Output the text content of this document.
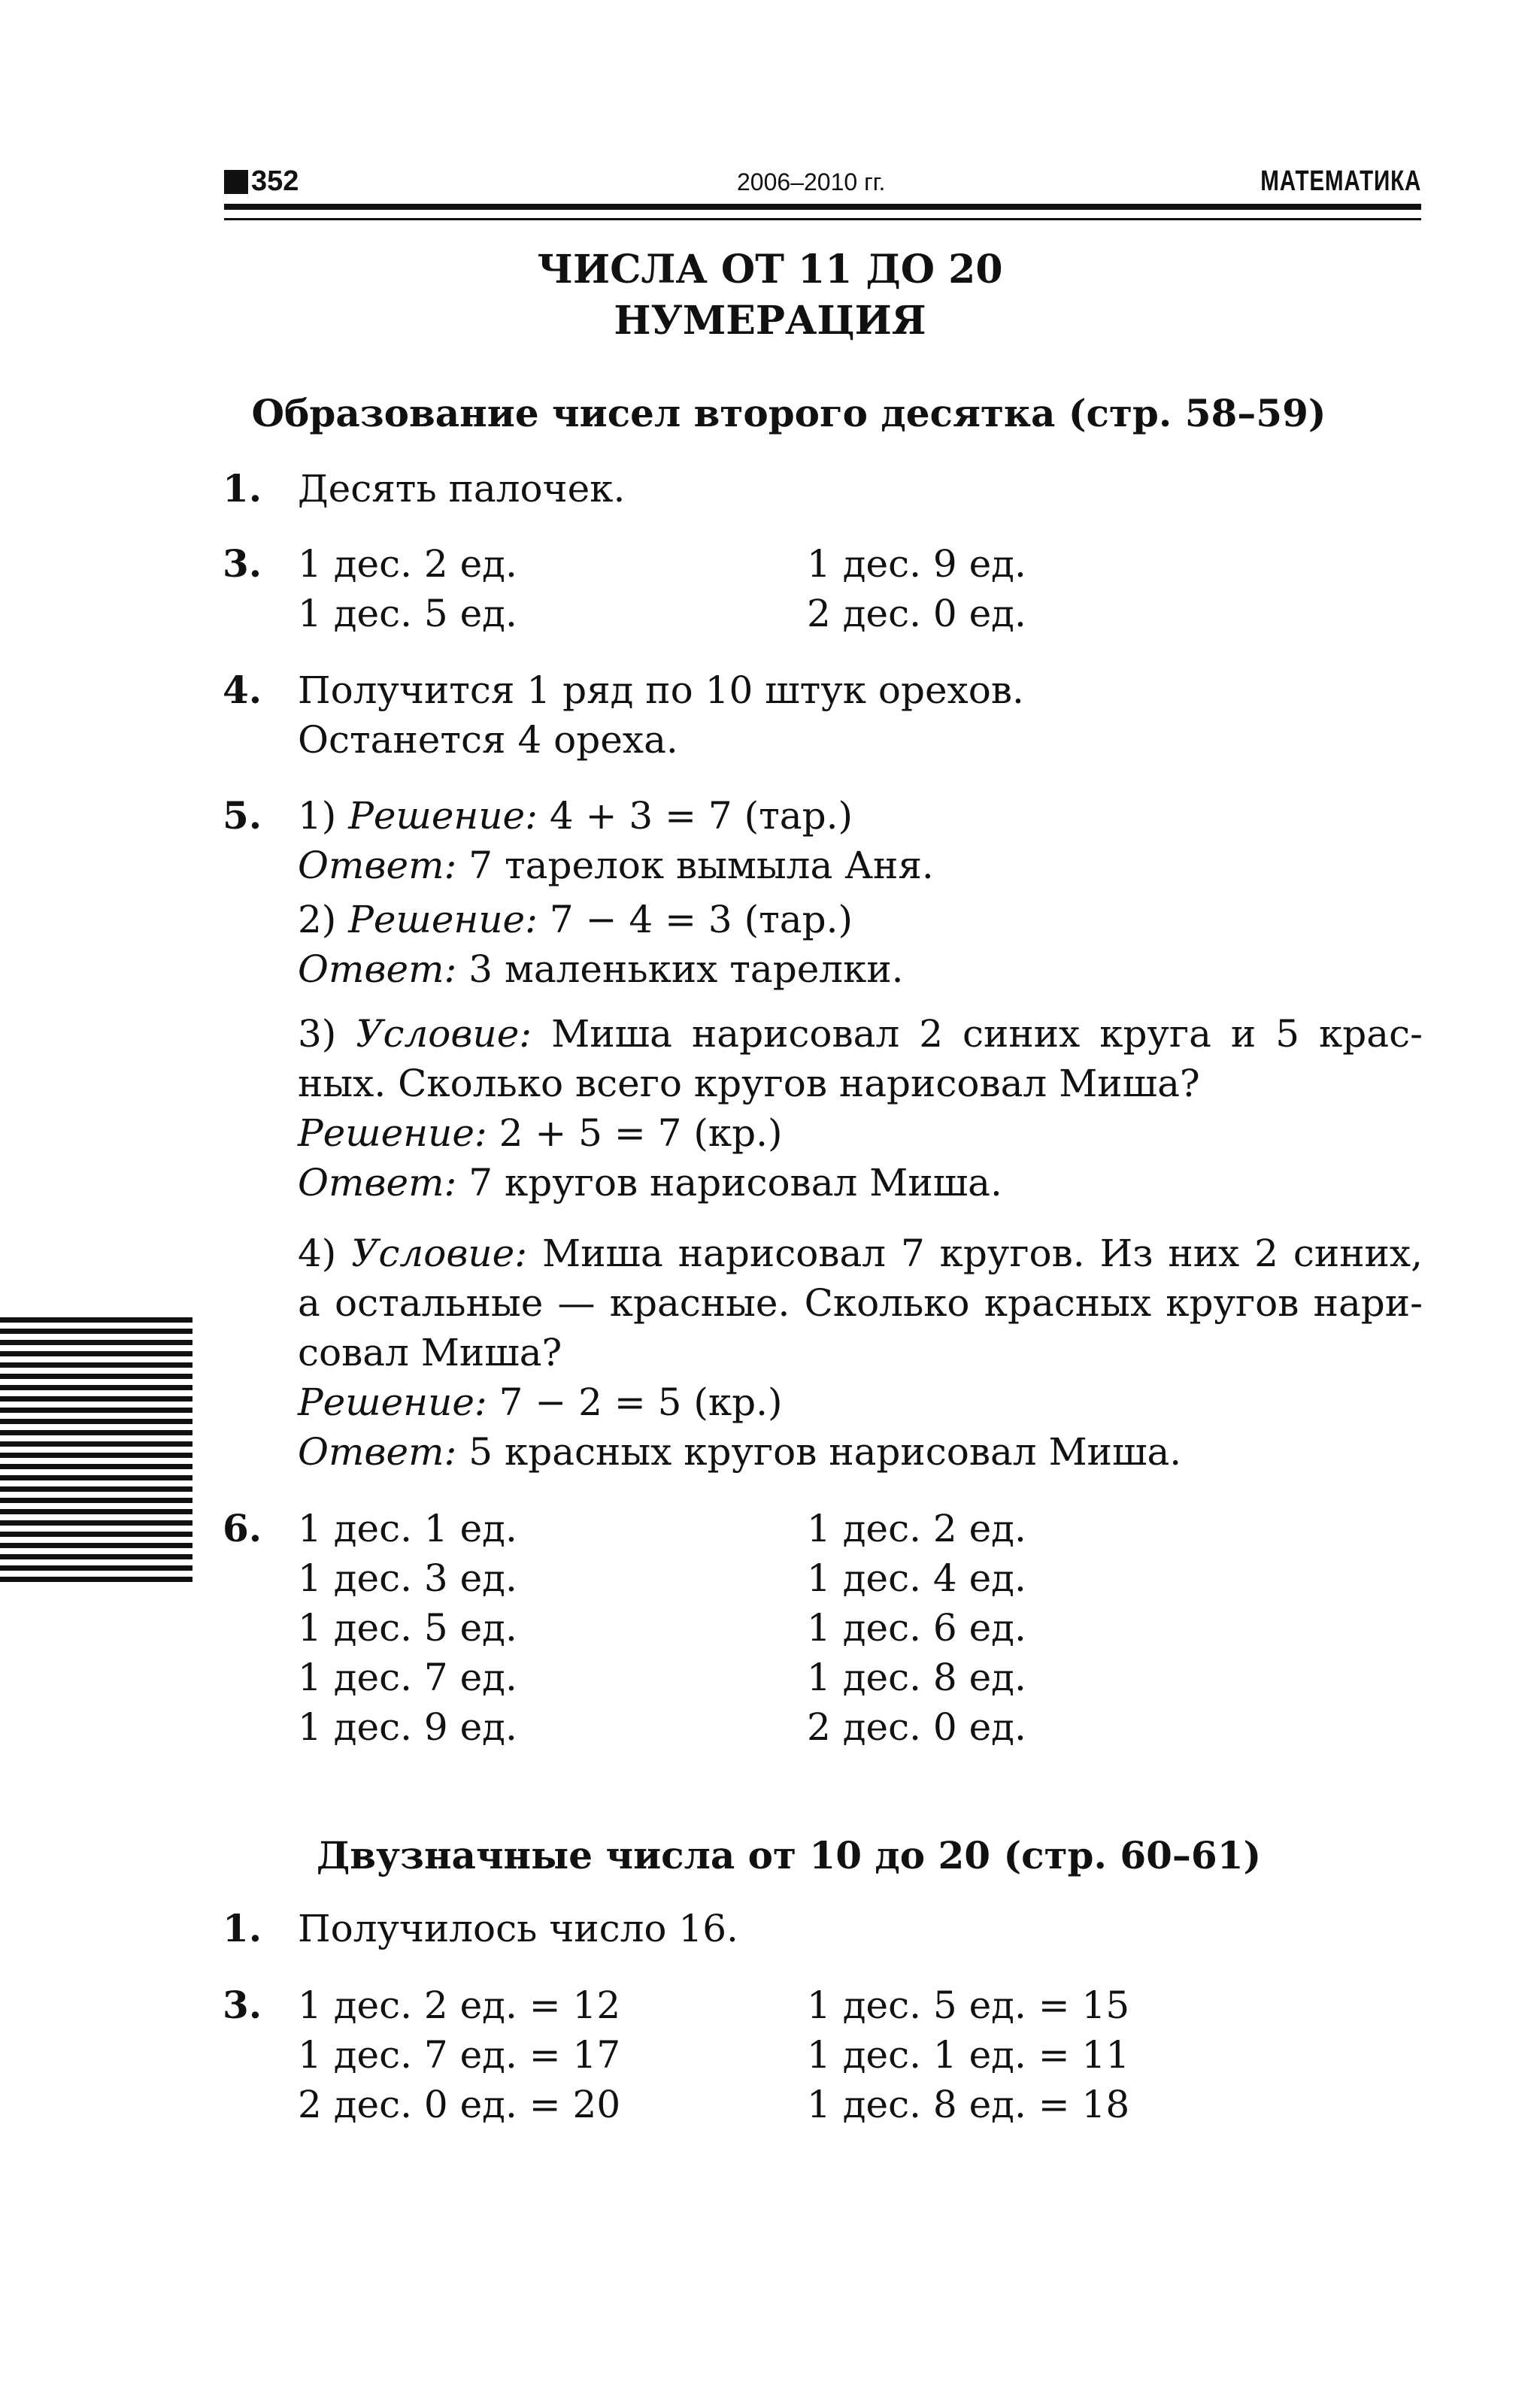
352	2006–2010 гг.	МАТЕМАТИКА
ЧИСЛА ОТ 11 ДО 20
НУМЕРАЦИЯ
Образование чисел второго десятка (стр. 58–59)
1. Десять палочек.
3. 1 дес. 2 ед.	1 дес. 9 ед.
1 дес. 5 ед.	2 дес. 0 ед.
4. Получится 1 ряд по 10 штук орехов.
Останется 4 ореха.
5. 1) Решение: 4 + 3 = 7 (тар.)
Ответ: 7 тарелок вымыла Аня.
2) Решение: 7 − 4 = 3 (тар.)
Ответ: 3 маленьких тарелки.
3) Условие: Миша нарисовал 2 синих круга и 5 крас-
ных. Сколько всего кругов нарисовал Миша?
Решение: 2 + 5 = 7 (кр.)
Ответ: 7 кругов нарисовал Миша.
4) Условие: Миша нарисовал 7 кругов. Из них 2 синих,
а остальные — красные. Сколько красных кругов нари-
совал Миша?
Решение: 7 − 2 = 5 (кр.)
Ответ: 5 красных кругов нарисовал Миша.
6. 1 дес. 1 ед.	1 дес. 2 ед.
1 дес. 3 ед.	1 дес. 4 ед.
1 дес. 5 ед.	1 дес. 6 ед.
1 дес. 7 ед.	1 дес. 8 ед.
1 дес. 9 ед.	2 дес. 0 ед.
Двузначные числа от 10 до 20 (стр. 60–61)
1. Получилось число 16.
3. 1 дес. 2 ед. = 12	1 дес. 5 ед. = 15
1 дес. 7 ед. = 17	1 дес. 1 ед. = 11
2 дес. 0 ед. = 20	1 дес. 8 ед. = 18
